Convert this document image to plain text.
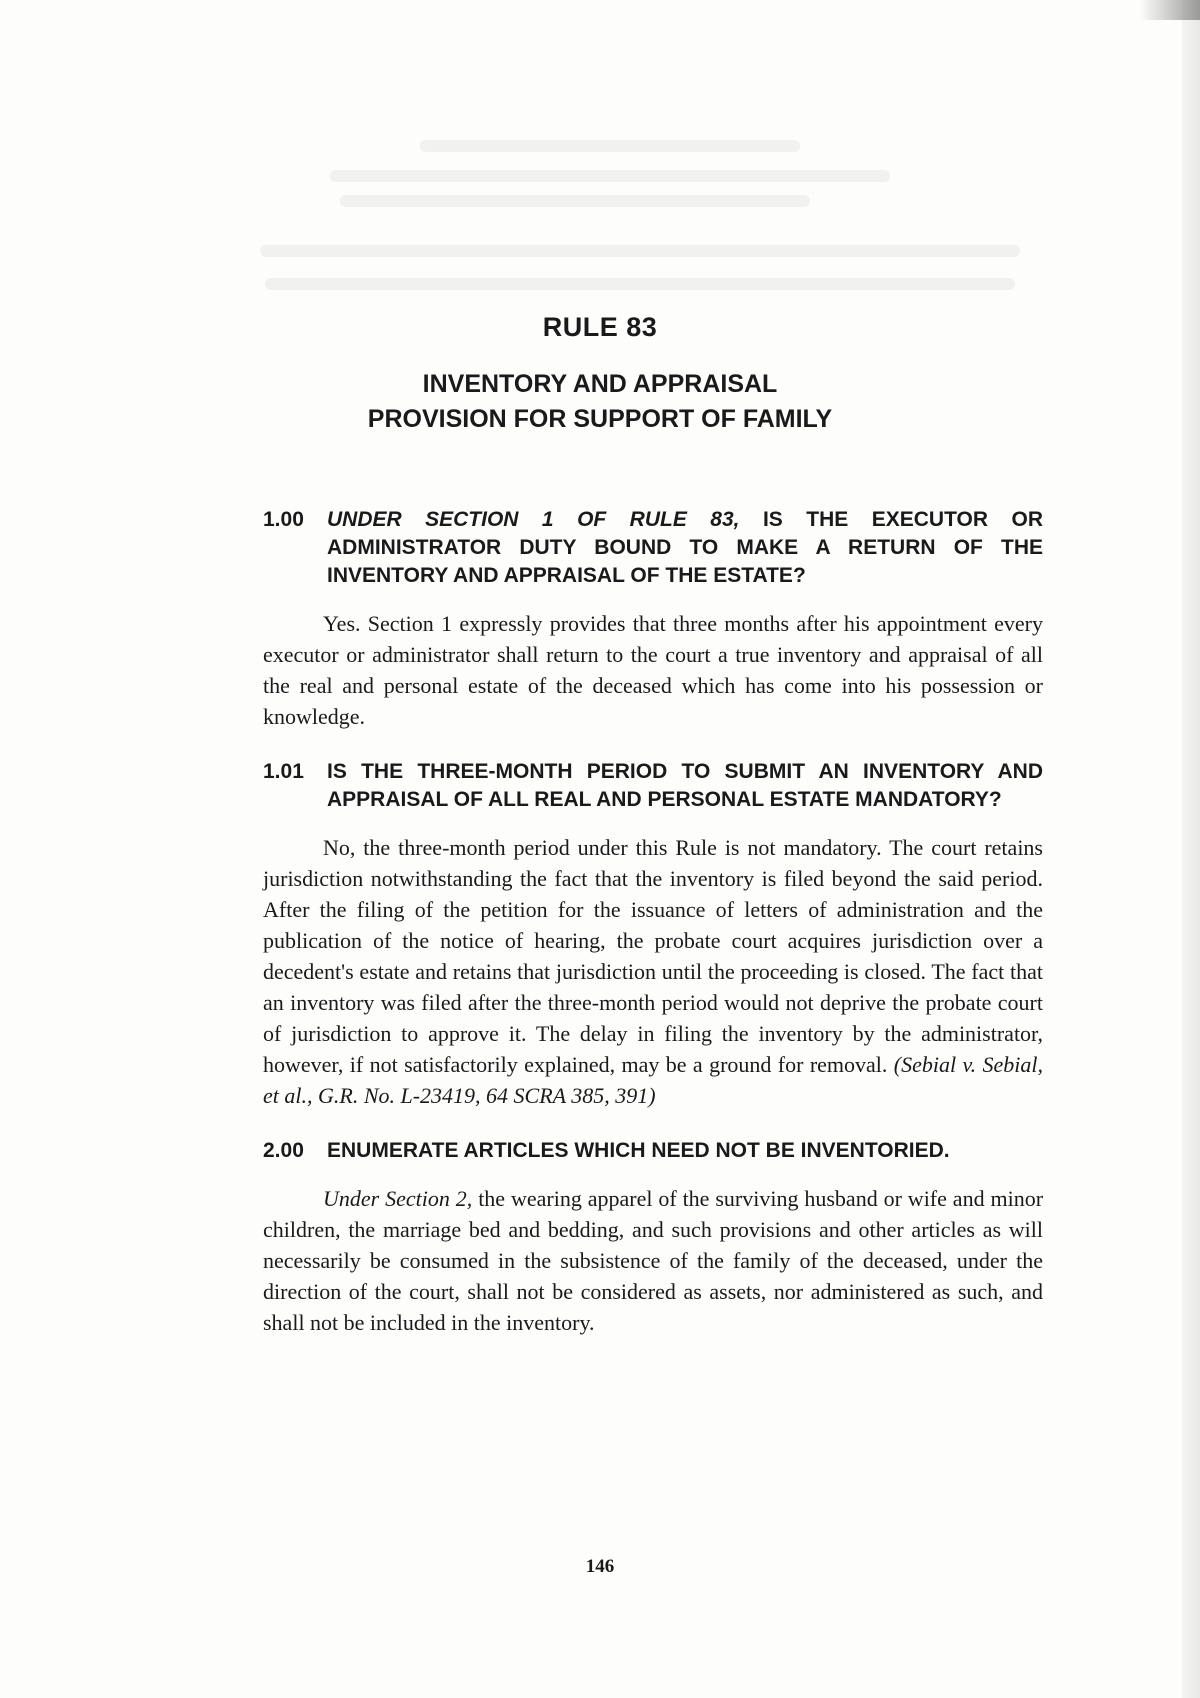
RULE 83
INVENTORY AND APPRAISAL
PROVISION FOR SUPPORT OF FAMILY
1.00	UNDER SECTION 1 OF RULE 83, IS THE EXECUTOR OR ADMINISTRATOR DUTY BOUND TO MAKE A RETURN OF THE INVENTORY AND APPRAISAL OF THE ESTATE?

Yes. Section 1 expressly provides that three months after his appointment every executor or administrator shall return to the court a true inventory and appraisal of all the real and personal estate of the deceased which has come into his possession or knowledge.

1.01	IS THE THREE-MONTH PERIOD TO SUBMIT AN INVENTORY AND APPRAISAL OF ALL REAL AND PERSONAL ESTATE MANDATORY?

No, the three-month period under this Rule is not mandatory. The court retains jurisdiction notwithstanding the fact that the inventory is filed beyond the said period. After the filing of the petition for the issuance of letters of administration and the publication of the notice of hearing, the probate court acquires jurisdiction over a decedent's estate and retains that jurisdiction until the proceeding is closed. The fact that an inventory was filed after the three-month period would not deprive the probate court of jurisdiction to approve it. The delay in filing the inventory by the administrator, however, if not satisfactorily explained, may be a ground for removal. (Sebial v. Sebial, et al., G.R. No. L-23419, 64 SCRA 385, 391)

2.00	ENUMERATE ARTICLES WHICH NEED NOT BE INVENTORIED.

Under Section 2, the wearing apparel of the surviving husband or wife and minor children, the marriage bed and bedding, and such provisions and other articles as will necessarily be consumed in the subsistence of the family of the deceased, under the direction of the court, shall not be considered as assets, nor administered as such, and shall not be included in the inventory.

146
